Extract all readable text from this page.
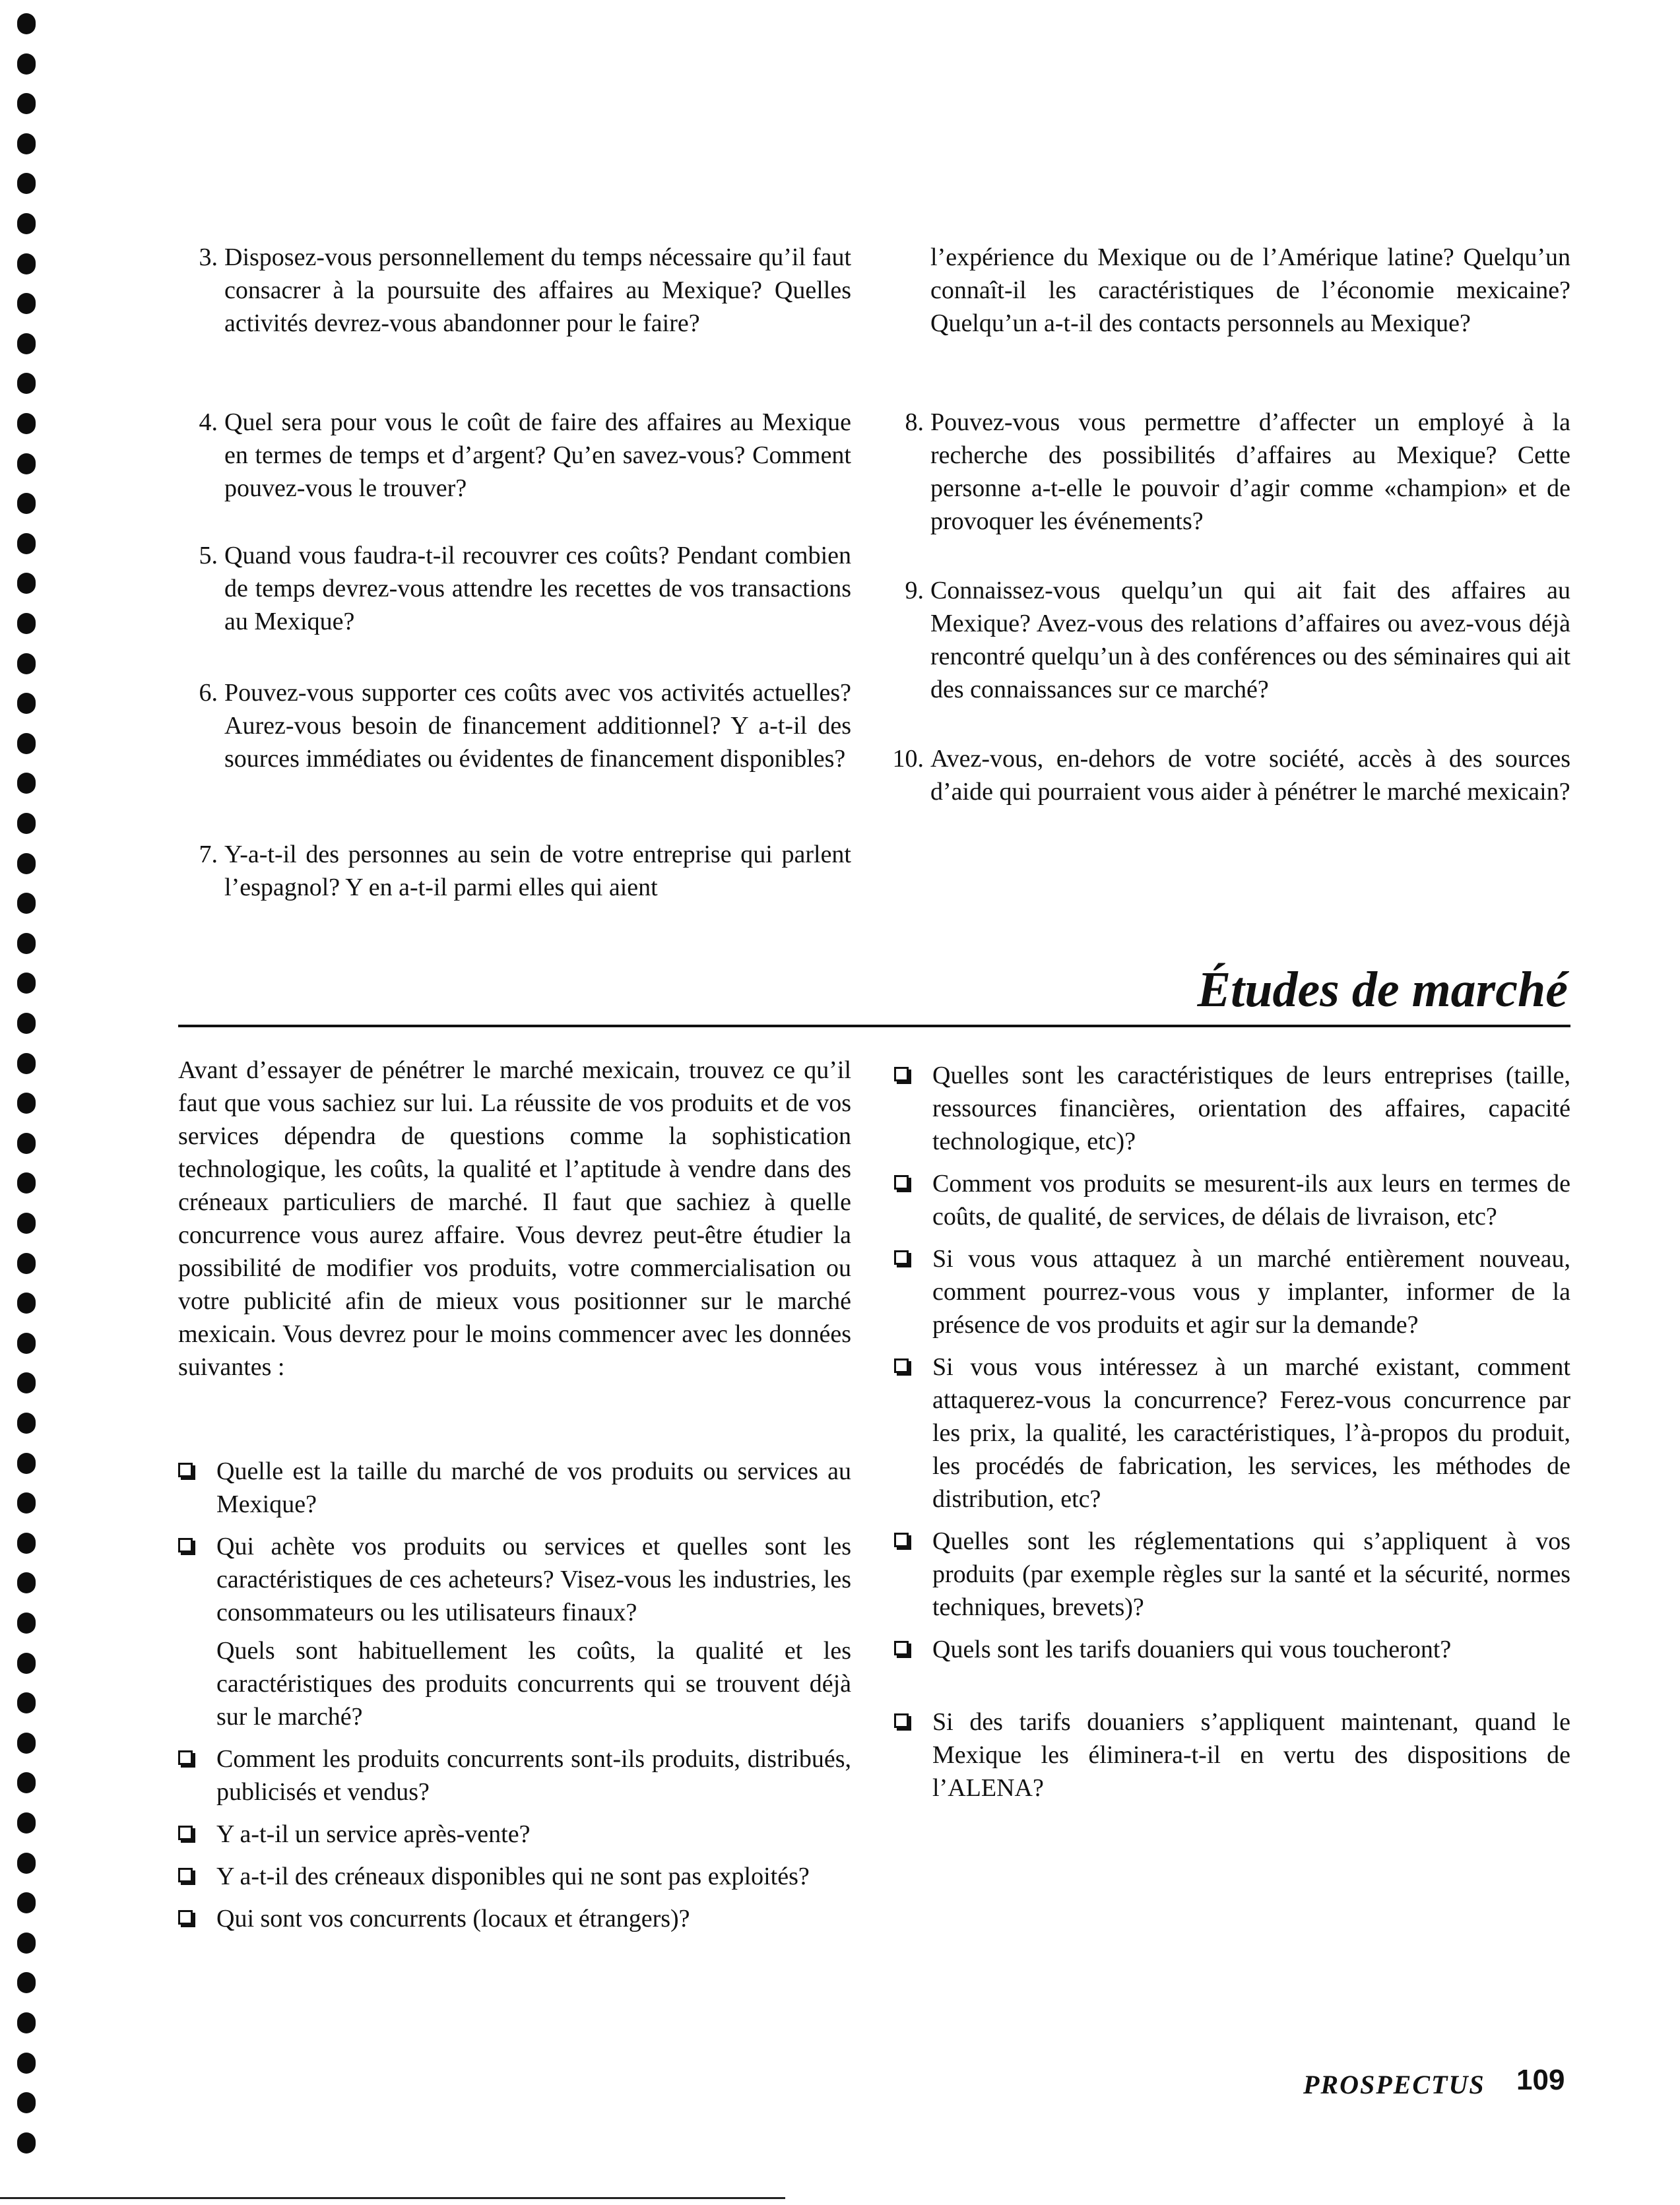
3. Disposez-vous personnellement du temps nécessaire qu’il faut consacrer à la poursuite des affaires au Mexique? Quelles activités devrez-vous abandonner pour le faire?
4. Quel sera pour vous le coût de faire des affaires au Mexique en termes de temps et d’argent? Qu’en savez-vous? Comment pouvez-vous le trouver?
5. Quand vous faudra-t-il recouvrer ces coûts? Pendant combien de temps devrez-vous attendre les recettes de vos transactions au Mexique?
6. Pouvez-vous supporter ces coûts avec vos activités actuelles? Aurez-vous besoin de financement additionnel? Y a-t-il des sources immédiates ou évidentes de financement disponibles?
7. Y-a-t-il des personnes au sein de votre entreprise qui parlent l’espagnol? Y en a-t-il parmi elles qui aient
l’expérience du Mexique ou de l’Amérique latine? Quelqu’un connaît-il les caractéristiques de l’économie mexicaine? Quelqu’un a-t-il des contacts personnels au Mexique?
8. Pouvez-vous vous permettre d’affecter un employé à la recherche des possibilités d’affaires au Mexique? Cette personne a-t-elle le pouvoir d’agir comme «champion» et de provoquer les événements?
9. Connaissez-vous quelqu’un qui ait fait des affaires au Mexique? Avez-vous des relations d’affaires ou avez-vous déjà rencontré quelqu’un à des conférences ou des séminaires qui ait des connaissances sur ce marché?
10. Avez-vous, en-dehors de votre société, accès à des sources d’aide qui pourraient vous aider à pénétrer le marché mexicain?
Études de marché
Avant d’essayer de pénétrer le marché mexicain, trouvez ce qu’il faut que vous sachiez sur lui. La réussite de vos produits et de vos services dépendra de questions comme la sophistication technologique, les coûts, la qualité et l’aptitude à vendre dans des créneaux particuliers de marché. Il faut que sachiez à quelle concurrence vous aurez affaire. Vous devrez peut-être étudier la possibilité de modifier vos produits, votre commercialisation ou votre publicité afin de mieux vous positionner sur le marché mexicain. Vous devrez pour le moins commencer avec les données suivantes :
Quelle est la taille du marché de vos produits ou services au Mexique?
Qui achète vos produits ou services et quelles sont les caractéristiques de ces acheteurs? Visez-vous les industries, les consommateurs ou les utilisateurs finaux?
Quels sont habituellement les coûts, la qualité et les caractéristiques des produits concurrents qui se trouvent déjà sur le marché?
Comment les produits concurrents sont-ils produits, distribués, publicisés et vendus?
Y a-t-il un service après-vente?
Y a-t-il des créneaux disponibles qui ne sont pas exploités?
Qui sont vos concurrents (locaux et étrangers)?
Quelles sont les caractéristiques de leurs entreprises (taille, ressources financières, orientation des affaires, capacité technologique, etc)?
Comment vos produits se mesurent-ils aux leurs en termes de coûts, de qualité, de services, de délais de livraison, etc?
Si vous vous attaquez à un marché entièrement nouveau, comment pourrez-vous vous y implanter, informer de la présence de vos produits et agir sur la demande?
Si vous vous intéressez à un marché existant, comment attaquerez-vous la concurrence? Ferez-vous concurrence par les prix, la qualité, les caractéristiques, l’à-propos du produit, les procédés de fabrication, les services, les méthodes de distribution, etc?
Quelles sont les réglementations qui s’appliquent à vos produits (par exemple règles sur la santé et la sécurité, normes techniques, brevets)?
Quels sont les tarifs douaniers qui vous toucheront?
Si des tarifs douaniers s’appliquent maintenant, quand le Mexique les éliminera-t-il en vertu des dispositions de l’ALENA?
PROSPECTUS 109
